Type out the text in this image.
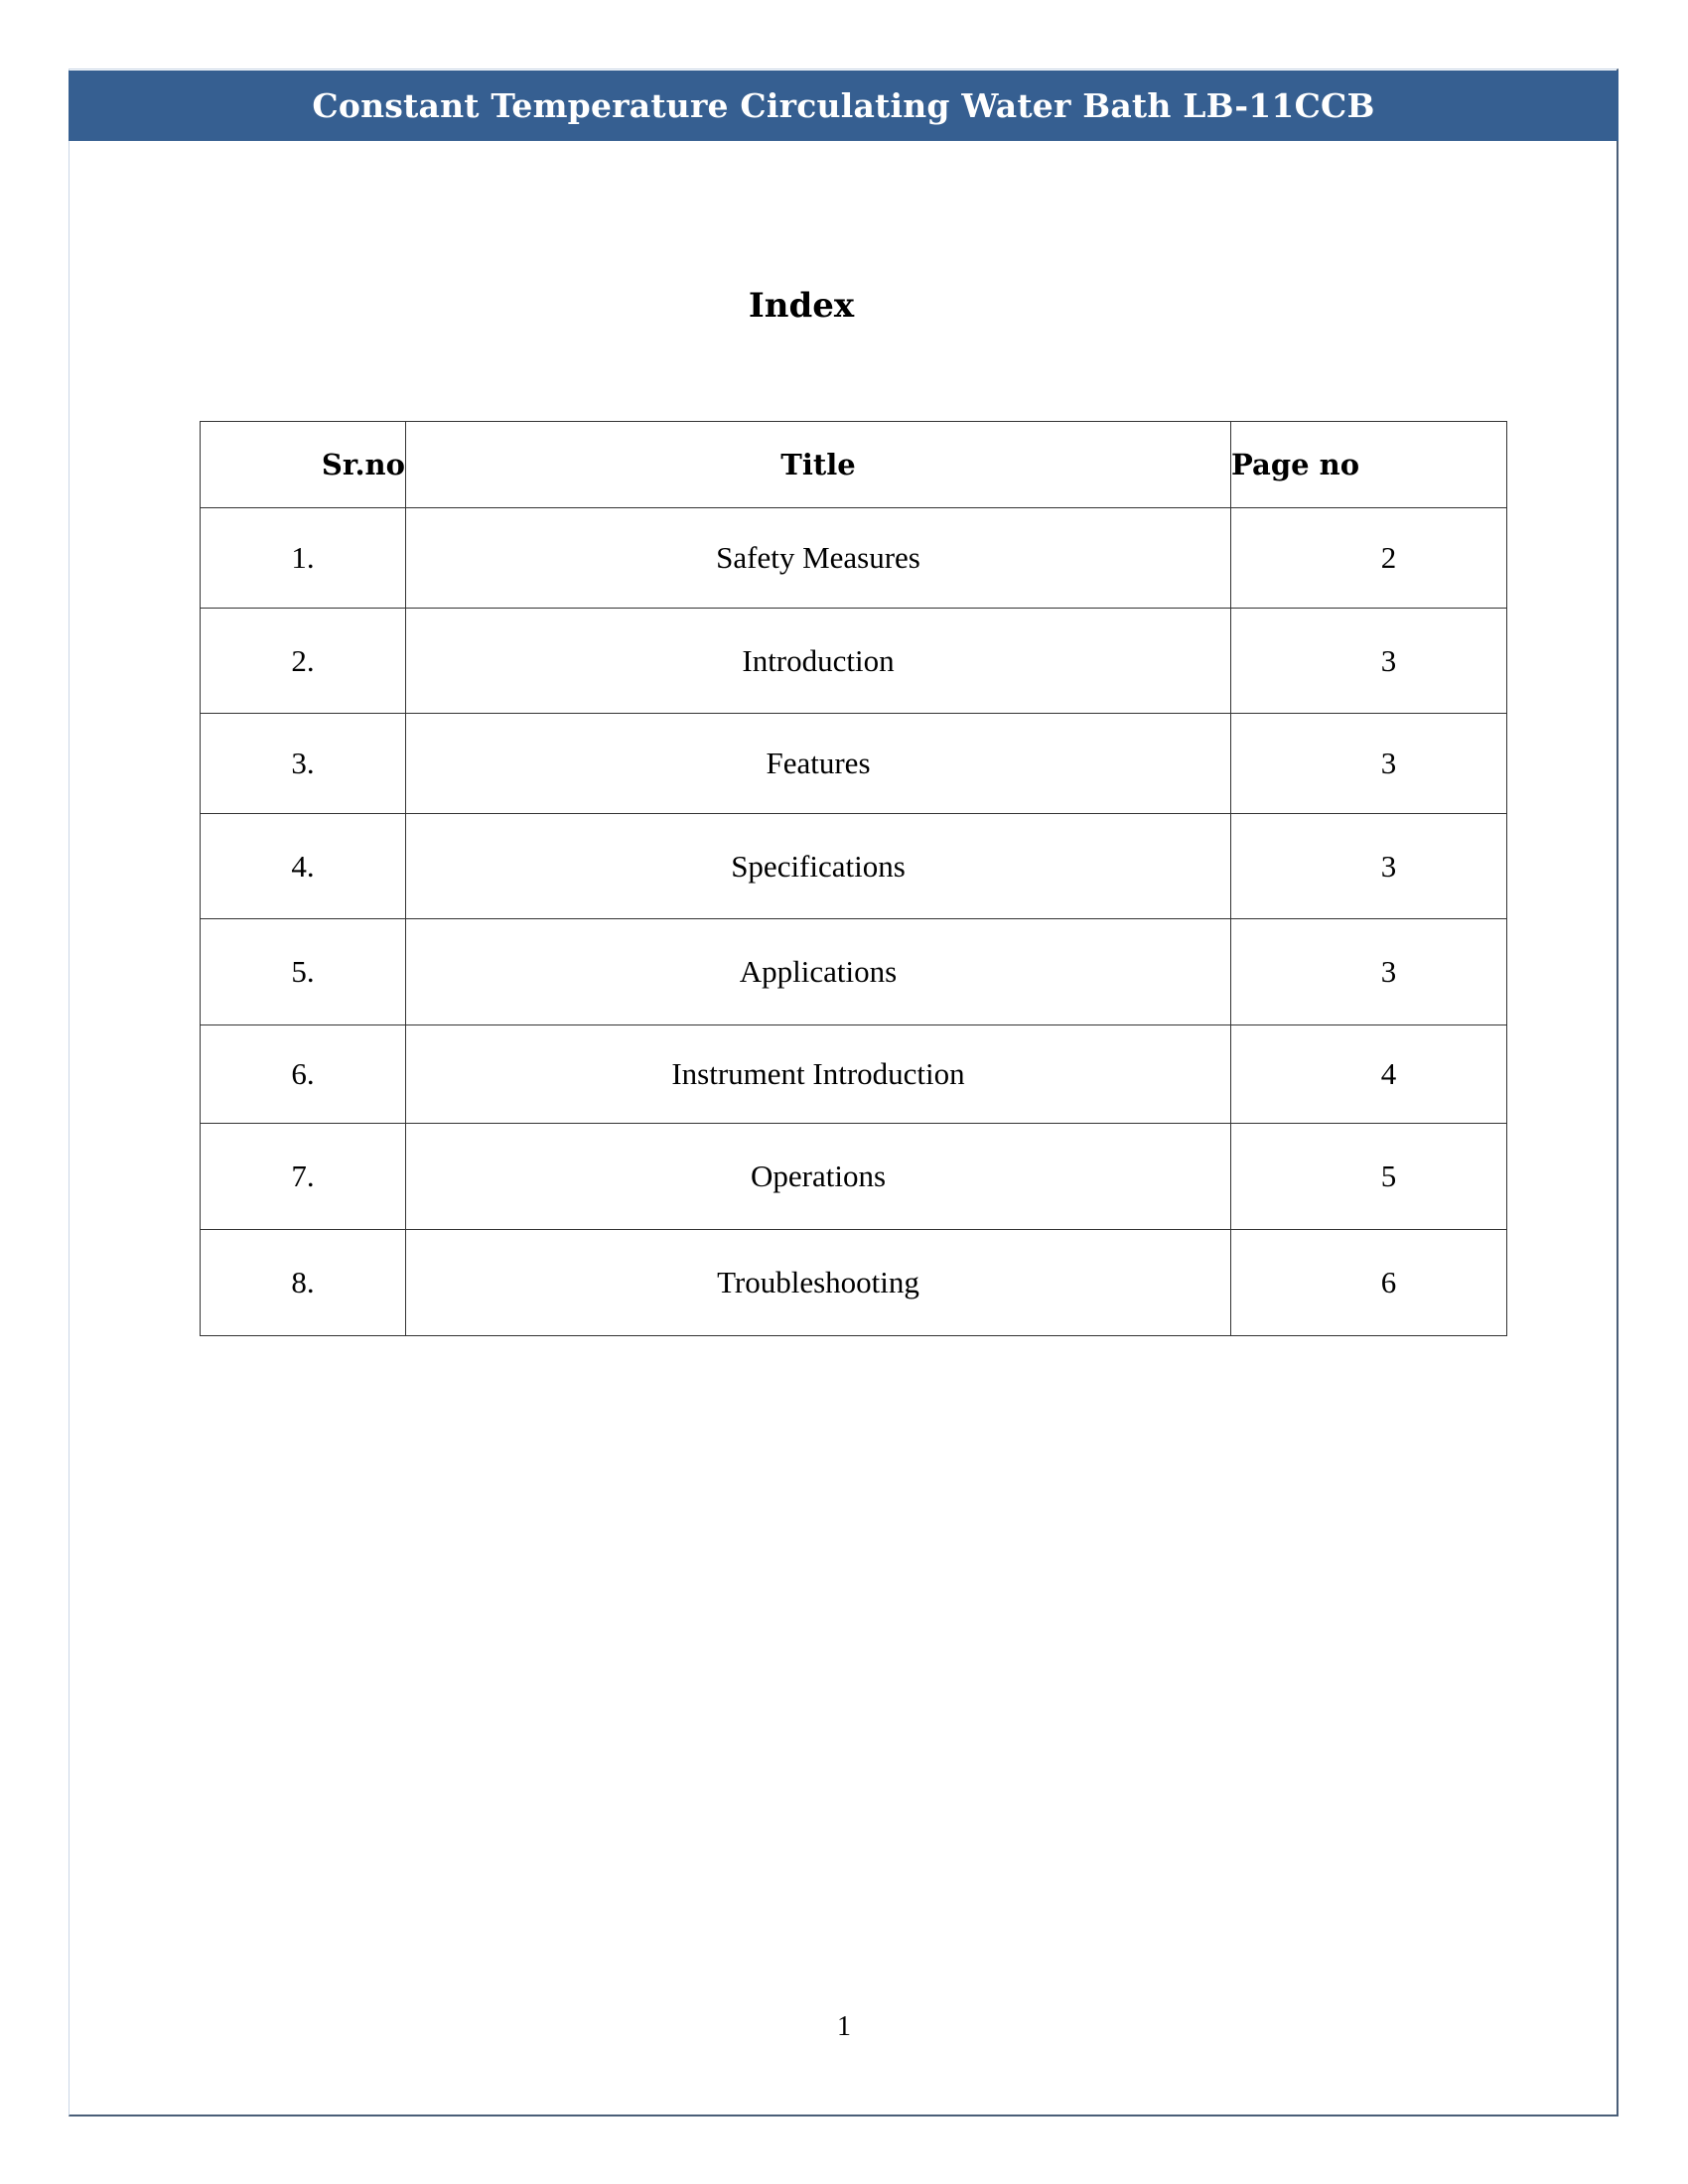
Constant Temperature Circulating Water Bath LB-11CCB
Index
Sr.no	Title	Page no
1.	Safety Measures	2
2.	Introduction	3
3.	Features	3
4.	Specifications	3
5.	Applications	3
6.	Instrument Introduction	4
7.	Operations	5
8.	Troubleshooting	6
1
